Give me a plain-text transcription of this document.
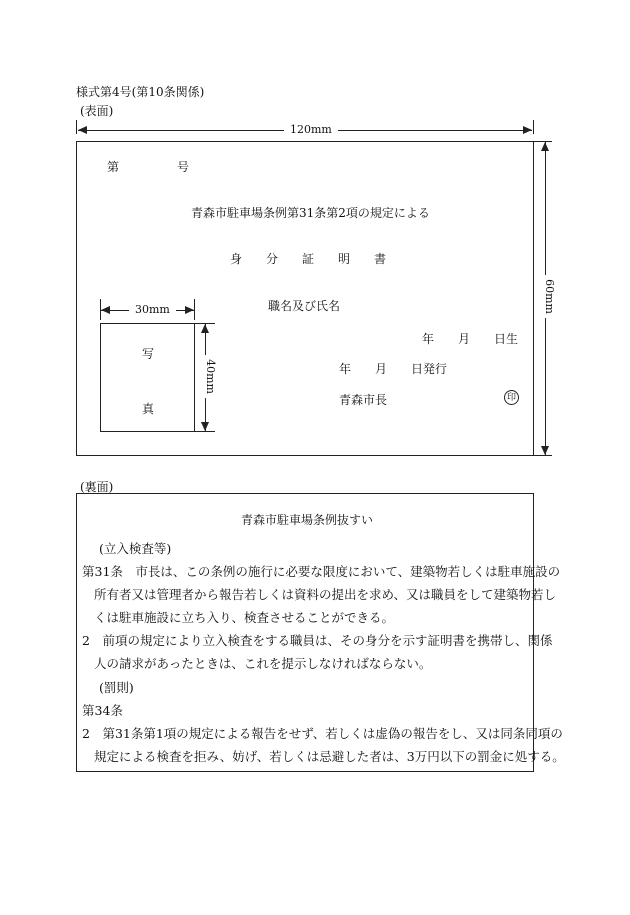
様式第4号(第10条関係)
(表面)
120mm
第	号
青森市駐車場条例第31条第2項の規定による
身　　分　　証　　明　　書
職名及び氏名
年　　月　　日生
年　　月　　日発行
青森市長	印
30mm
写
真
40mm
60mm
(裏面)
青森市駐車場条例抜すい
(立入検査等)
第31条　市長は、この条例の施行に必要な限度において、建築物若しくは駐車施設の
所有者又は管理者から報告若しくは資料の提出を求め、又は職員をして建築物若し
くは駐車施設に立ち入り、検査させることができる。
2　前項の規定により立入検査をする職員は、その身分を示す証明書を携帯し、関係
人の請求があったときは、これを提示しなければならない。
(罰則)
第34条
2　第31条第1項の規定による報告をせず、若しくは虚偽の報告をし、又は同条同項の
規定による検査を拒み、妨げ、若しくは忌避した者は、3万円以下の罰金に処する。
